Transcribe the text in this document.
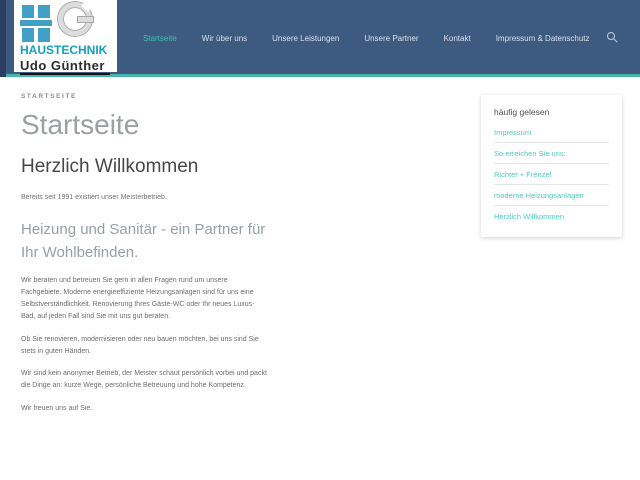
HAUSTECHNIK
Udo Günther
Startseite	Wir über uns	Unsere Leistungen	Unsere Partner	Kontakt	Impressum & Datenschutz
STARTSEITE
Startseite
Herzlich Willkommen

Bereits seit 1991 existiert unser Meisterbetrieb.

Heizung und Sanitär - ein Partner für Ihr Wohlbefinden.

Wir beraten und betreuen Sie gern in allen Fragen rund um unsere Fachgebiete. Moderne energieeffiziente Heizungsanlagen sind für uns eine Selbstverständlichkeit. Renovierung Ihres Gäste-WC oder Ihr neues Luxus-Bad, auf jeden Fall sind Sie mit uns gut beraten.

Ob Sie renovieren, modernisieren oder neu bauen möchten, bei uns sind Sie stets in guten Händen.

Wir sind kein anonymer Betrieb, der Meister schaut persönlich vorbei und packt die Dinge an: kurze Wege, persönliche Betreuung und hohe Kompetenz.

Wir freuen uns auf Sie.

häufig gelesen
Impressum
So erreichen Sie uns:
Richter + Frenzel
moderne Heizungsanlagen
Herzlich Willkommen
